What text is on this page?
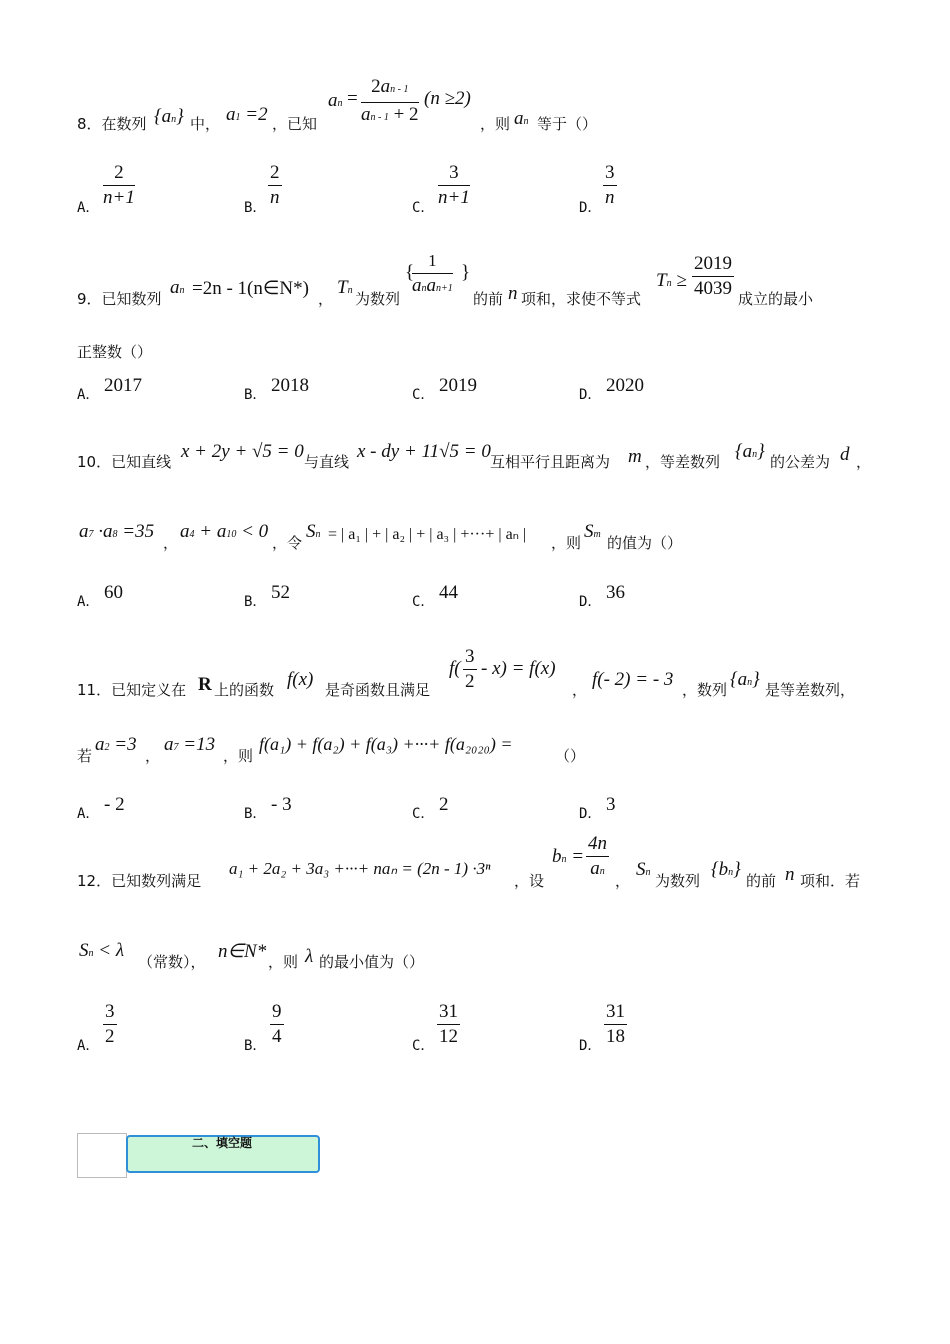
8．在数列 {an} 中， a1 =2 ，已知
an = $\frac{2an - 1}{an - 1 + 2} (n \ge 2)$
，则 an 等于（）
A． $\frac{2}{n+1}$	B． $\frac{2}{n}$	C． $\frac{3}{n+1}$	D． $\frac{3}{n}$
9．已知数列
an =2n - 1(n∈N*) ，
Tn 为数列
{
1
anan+1
}
的前 n 项和，求使不等式
$Tn \ge \frac{2019}{4039}$ 成立的最小
正整数（）
A． 2017	B． 2018	C． 2019	D． 2020
10．已知直线 x + 2y + √5 = 0 与直线 x - dy + 11√5 = 0 互相平行且距离为 m ，等差数列 {an} 的公差为 d ，
a7 ·a8 =35
，
a4 + a10 < 0
，令
Sn = | a₁ | + | a₂ | + | a₃ | +···+ | aₙ | ，则
Sm 的值为（）
A． 60	B． 52	C． 44	D． 36
11．已知定义在 R 上的函数 f(x) 是奇函数且满足
$f( \frac{3}{2} - x) = f(x)$
， f(- 2) = - 3 ，数列 {an} 是等差数列，
若
a2 =3
，
a7 =13
，则
f(a₁) + f(a₂) + f(a₃) +···+ f(a₂₀₂₀) =
（）
A． - 2	B． - 3	C． 2	D． 3
12．已知数列满足
a₁ + 2a₂ + 3a₃ +···+ naₙ = (2n - 1) ·3ⁿ
，设
bn = $\frac{4n}{an}$ ，
Sn 为数列
{bn}
的前 n 项和．若
Sn < λ
（常数）， n∈N* ，则 λ 的最小值为（）
A． $\frac{3}{2}$	B． $\frac{9}{4}$	C． $\frac{31}{12}$	D． $\frac{31}{18}$
二、填空题
